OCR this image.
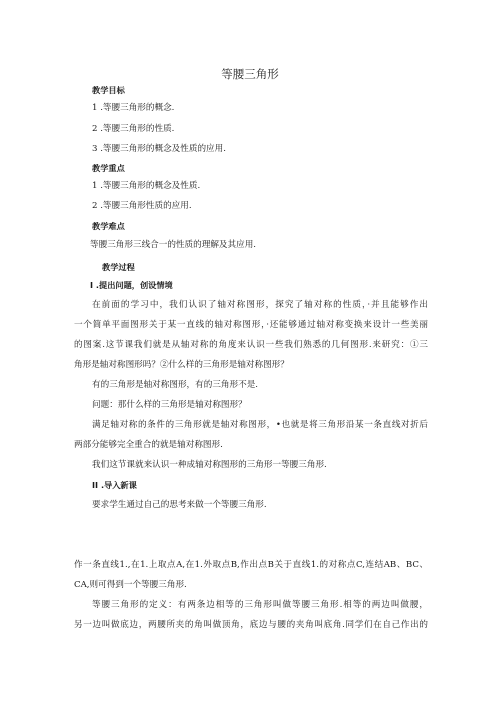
等腰三角形
教学目标
1 .等腰三角形的概念.
2 .等腰三角形的性质.
3 .等腰三角形的概念及性质的应用.
教学重点
1 .等腰三角形的概念及性质.
2 .等腰三角形性质的应用.
教学难点
等腰三角形三线合一的性质的理解及其应用.
教学过程
I .提出问题，创设情境
在前面的学习中，我们认识了轴对称图形，探究了轴对称的性质，·并且能够作出
一个简单平面图形关于某一直线的轴对称图形，·还能够通过轴对称变换来设计一些美丽
的图案.这节课我们就是从轴对称的角度来认识一些我们熟悉的几何图形.来研究：①三
角形是轴对称图形吗？②什么样的三角形是轴对称图形？
有的三角形是轴对称图形，有的三角形不是.
问题：那什么样的三角形是轴对称图形？
满足轴对称的条件的三角形就是轴对称图形，•也就是将三角形沿某一条直线对折后
两部分能够完全重合的就是轴对称图形.
我们这节课就来认识一种成轴对称图形的三角形一等腰三角形.
II .导入新课
要求学生通过自己的思考来做一个等腰三角形.
作一条直线1.,在1.上取点A,在1.外取点B,作出点B关于直线1.的对称点C,连结AB、BC、
CA,则可得到一个等腰三角形.
等腰三角形的定义：有两条边相等的三角形叫做等腰三角形.相等的两边叫做腰，
另一边叫做底边，两腰所夹的角叫做顶角，底边与腰的夹角叫底角.同学们在自己作出的
